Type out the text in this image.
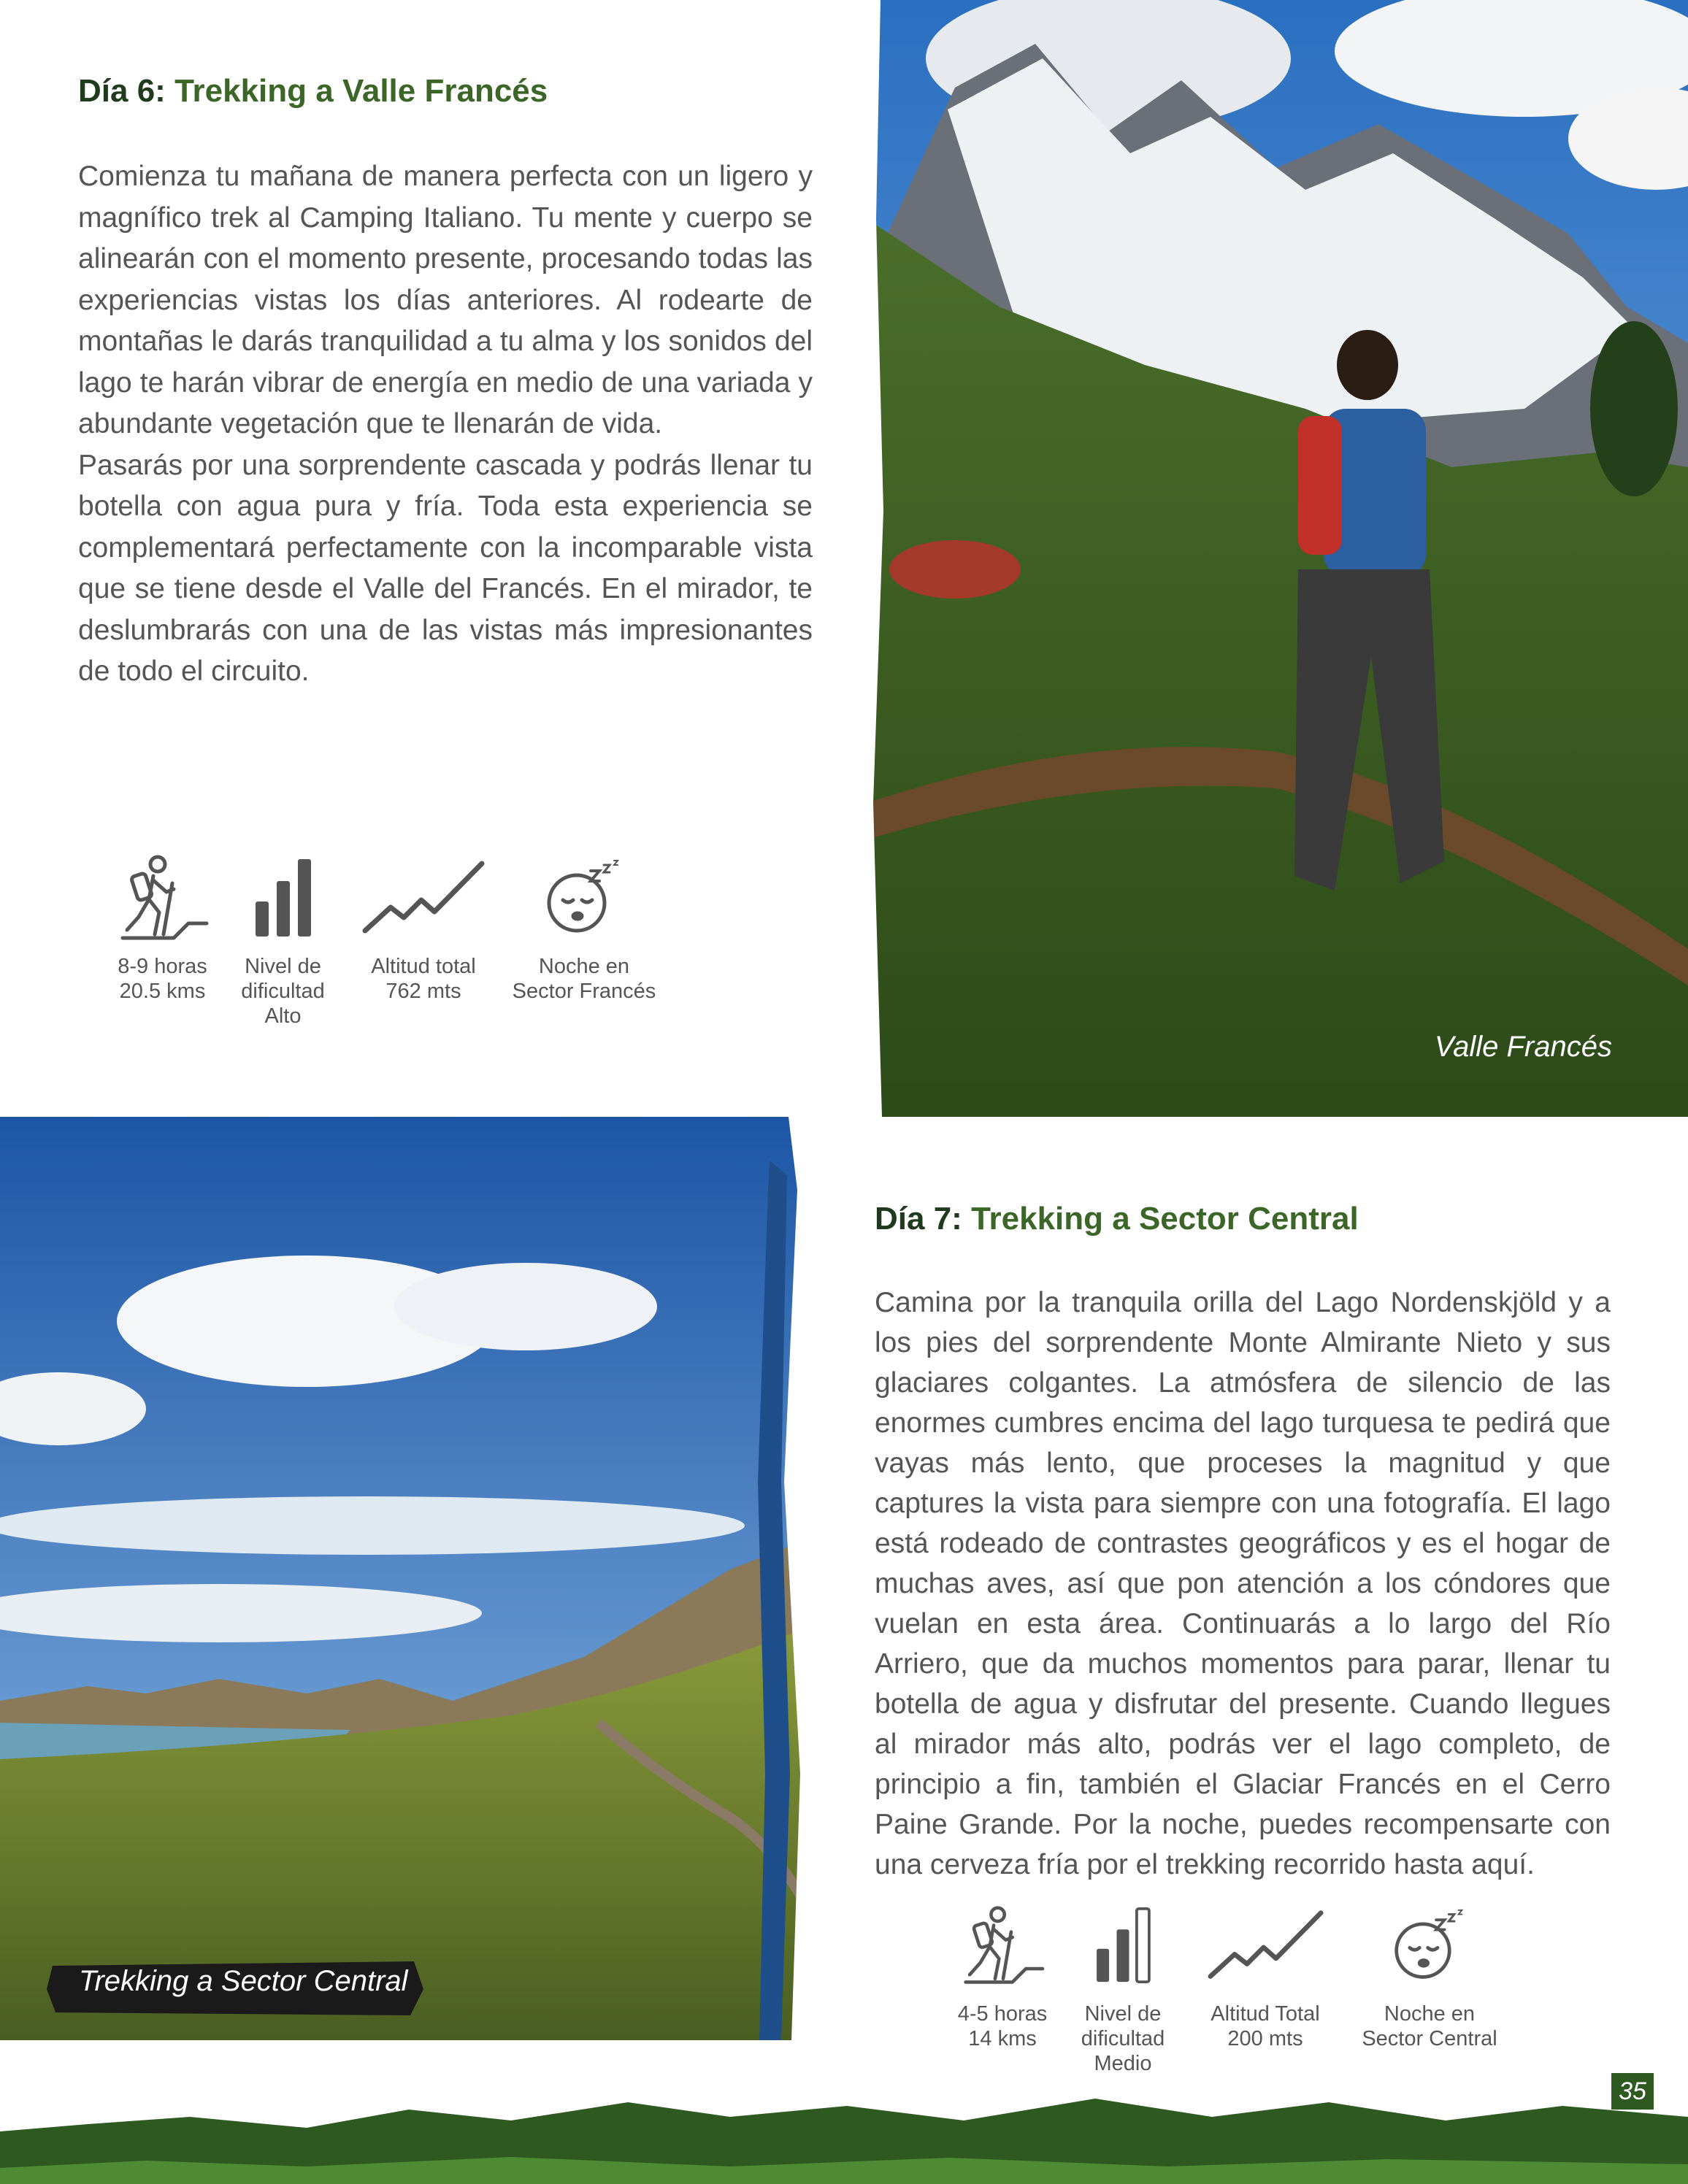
Día 6: Trekking a Valle Francés

Comienza tu mañana de manera perfecta con un ligero y magnífico trek al Camping Italiano. Tu mente y cuerpo se alinearán con el momento presente, procesando todas las experiencias vistas los días anteriores. Al rodearte de montañas le darás tranquilidad a tu alma y los sonidos del lago te harán vibrar de energía en medio de una variada y abundante vegetación que te llenarán de vida.

Pasarás por una sorprendente cascada y podrás llenar tu botella con agua pura y fría. Toda esta experiencia se complementará perfectamente con la incomparable vista que se tiene desde el Valle del Francés. En el mirador, te deslumbrarás con una de las vistas más impresionantes de todo el circuito.

8-9 horas
20.5 kms
Nivel de
dificultad
Alto
Altitud total
762 mts
Noche en
Sector Francés
Valle Francés
Trekking a Sector Central
Día 7: Trekking a Sector Central

Camina por la tranquila orilla del Lago Nordenskjöld y a los pies del sorprendente Monte Almirante Nieto y sus glaciares colgantes. La atmósfera de silencio de las enormes cumbres encima del lago turquesa te pedirá que vayas más lento, que proceses la magnitud y que captures la vista para siempre con una fotografía. El lago está rodeado de contrastes geográficos y es el hogar de muchas aves, así que pon atención a los cóndores que vuelan en esta área. Continuarás a lo largo del Río Arriero, que da muchos momentos para parar, llenar tu botella de agua y disfrutar del presente. Cuando llegues al mirador más alto, podrás ver el lago completo, de principio a fin, también el Glaciar Francés en el Cerro Paine Grande. Por la noche, puedes recompensarte con una cerveza fría por el trekking recorrido hasta aquí.

4-5 horas
14 kms
Nivel de
dificultad
Medio
Altitud Total
200 mts
Noche en
Sector Central
35
